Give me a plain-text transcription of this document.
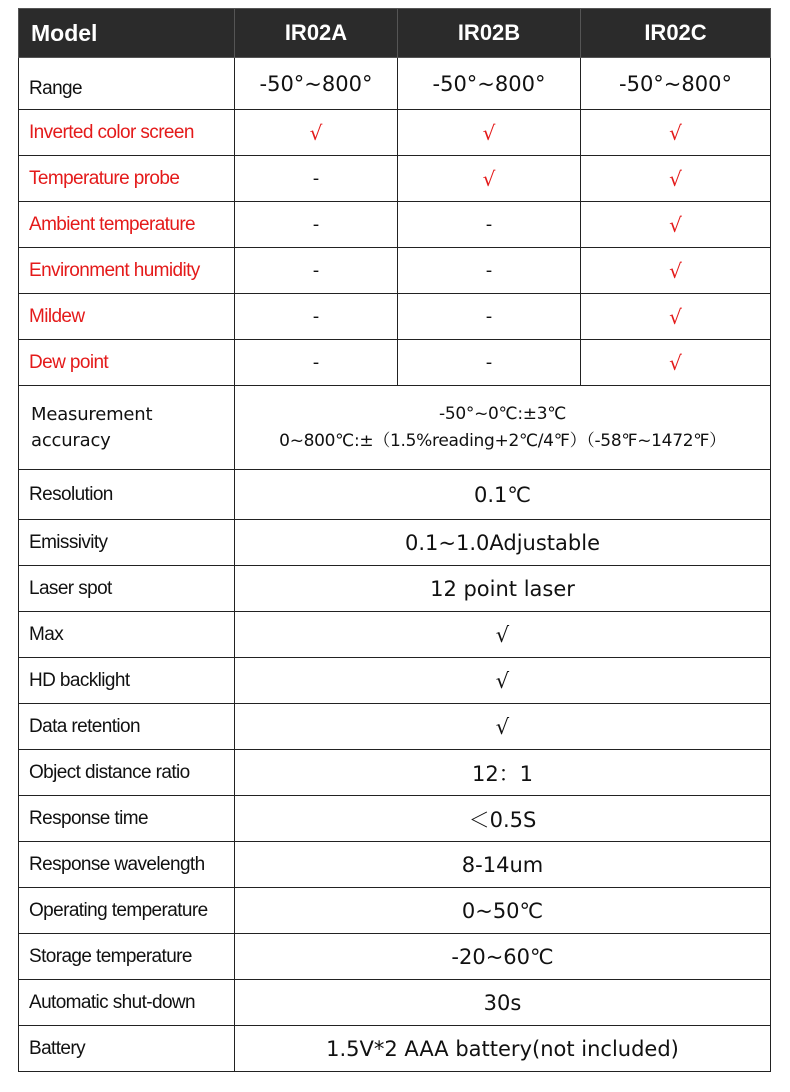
Model	IR02A	IR02B	IR02C
Range	-50°~800°	-50°~800°	-50°~800°
Inverted color screen	√	√	√
Temperature probe	-	√	√
Ambient temperature	-	-	√
Environment humidity	-	-	√
Mildew	-	-	√
Dew point	-	-	√

Measurement
accuracy	-50°~0℃:±3℃
0~800℃:±（1.5%reading+2℃/4℉）（-58℉~1472℉）		

Resolution	0.1℃		
Emissivity	0.1~1.0Adjustable		
Laser spot	12 point laser		
Max	√		
HD backlight	√		
Data retention	√		
Object distance ratio	12：1		
Response time	＜0.5S		
Response wavelength	8-14um		
Operating temperature	0~50℃		
Storage temperature	-20~60℃		
Automatic shut-down	30s		
Battery	1.5V*2 AAA battery(not included)		
